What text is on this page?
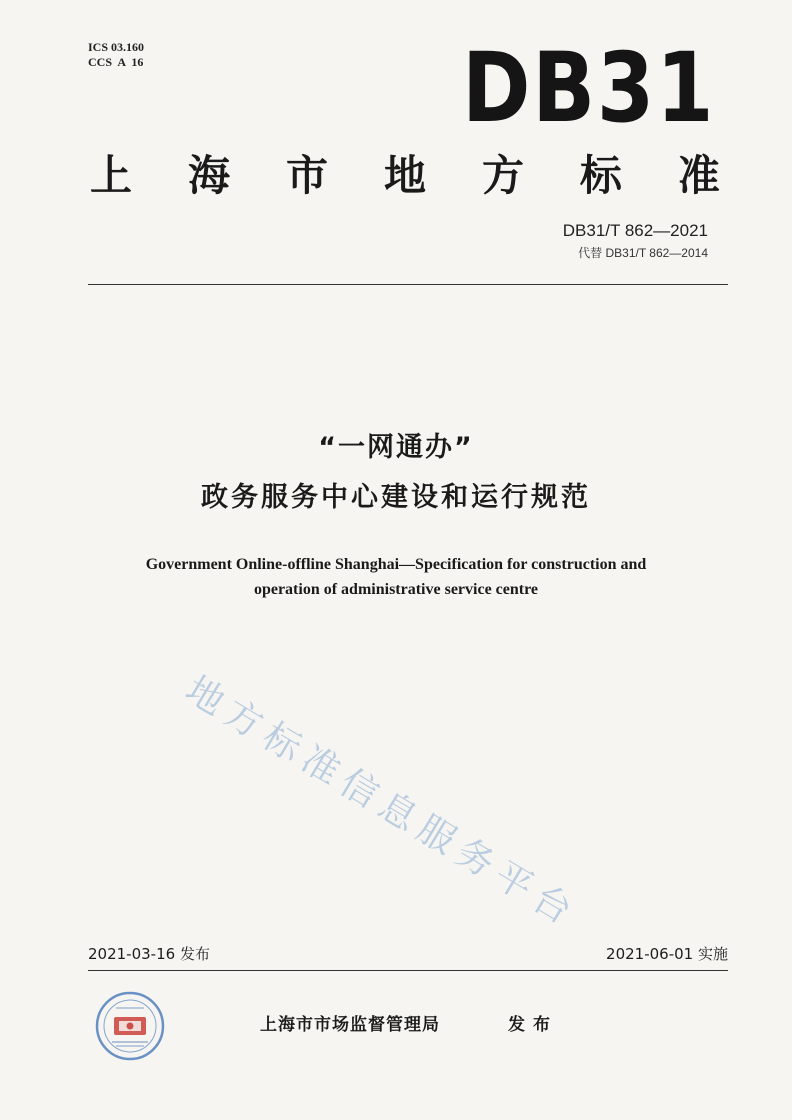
ICS 03.160
CCS  A  16	DB31
上 海 市 地 方 标 准
DB31/T 862—2021
代替 DB31/T 862—2014
“一网通办”
政务服务中心建设和运行规范
Government Online-offline Shanghai—Specification for construction and
operation of administrative service centre
地方标准信息服务平台
2021-03-16 发布	2021-06-01 实施
上海市市场监督管理局	发布
